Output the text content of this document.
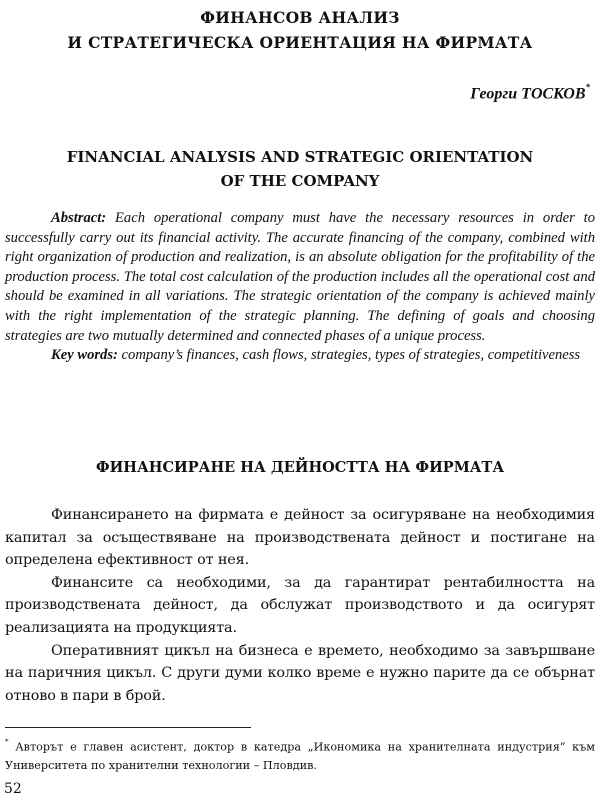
ФИНАНСОВ АНАЛИЗ
И СТРАТЕГИЧЕСКА ОРИЕНТАЦИЯ НА ФИРМАТА
Георги ТОСКОВ*
FINANCIAL ANALYSIS AND STRATEGIC ORIENTATION
OF THE COMPANY

Abstract: Each operational company must have the necessary resources in order to successfully carry out its financial activity. The accurate financing of the company, combined with right organization of production and realization, is an absolute obligation for the profitability of the production process. The total cost calculation of the production includes all the operational cost and should be examined in all variations. The strategic orientation of the company is achieved mainly with the right implementation of the strategic planning. The defining of goals and choosing strategies are two mutually determined and connected phases of a unique process.

Key words: company’s finances, cash flows, strategies, types of strategies, competitiveness

ФИНАНСИРАНЕ НА ДЕЙНОСТТА НА ФИРМАТА

Финансирането на фирмата е дейност за осигуряване на необходимия капитал за осъществяване на производствената дейност и постигане на определена ефективност от нея.

Финансите са необходими, за да гарантират рентабилността на производствената дейност, да обслужат производството и да осигурят реализацията на продукцията.

Оперативният цикъл на бизнеса е времето, необходимо за завършване на паричния цикъл. С други думи колко време е нужно парите да се обърнат отново в пари в брой.

* Авторът е главен асистент, доктор в катедра „Икономика на хранителната индустрия” към Университета по хранителни технологии – Пловдив.
52
